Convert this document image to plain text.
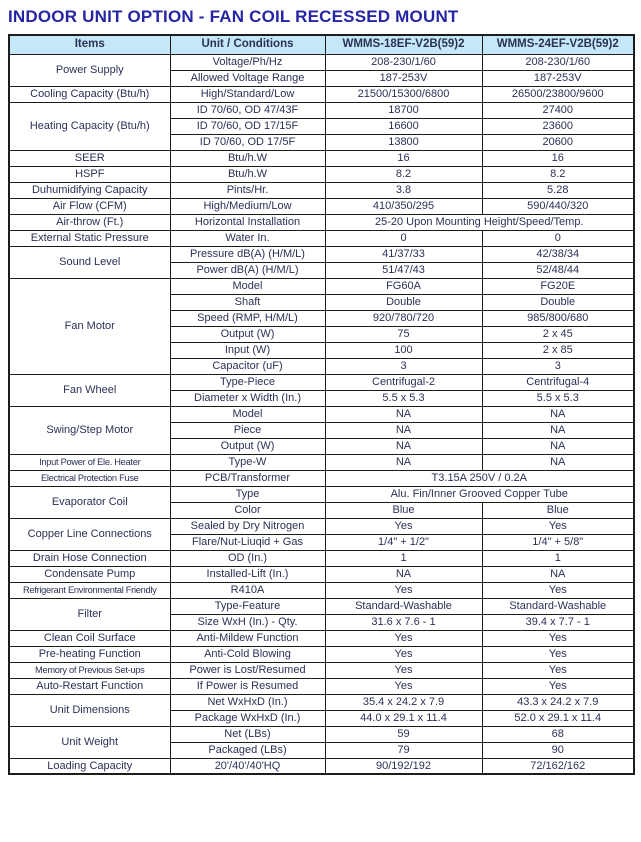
INDOOR UNIT OPTION - FAN COIL RECESSED MOUNT
Items	Unit / Conditions	WMMS-18EF-V2B(59)2	WMMS-24EF-V2B(59)2
Power Supply	Voltage/Ph/Hz	208-230/1/60	208-230/1/60
	Allowed Voltage Range	187-253V	187-253V
Cooling Capacity (Btu/h)	High/Standard/Low	21500/15300/6800	26500/23800/9600
Heating Capacity (Btu/h)	ID 70/60, OD 47/43F	18700	27400
	ID 70/60, OD 17/15F	16600	23600
	ID 70/60, OD 17/5F	13800	20600
SEER	Btu/h.W	16	16
HSPF	Btu/h.W	8.2	8.2
Duhumidifying Capacity	Pints/Hr.	3.8	5.28
Air Flow (CFM)	High/Medium/Low	410/350/295	590/440/320
Air-throw (Ft.)	Horizontal Installation	25-20 Upon Mounting Height/Speed/Temp.	
External Static Pressure	Water In.	0	0
Sound Level	Pressure dB(A) (H/M/L)	41/37/33	42/38/34
	Power dB(A) (H/M/L)	51/47/43	52/48/44
Fan Motor	Model	FG60A	FG20E
	Shaft	Double	Double
	Speed (RMP, H/M/L)	920/780/720	985/800/680
	Output (W)	75	2 x 45
	Input (W)	100	2 x 85
	Capacitor (uF)	3	3
Fan Wheel	Type-Piece	Centrifugal-2	Centrifugal-4
	Diameter x Width (In.)	5.5 x 5.3	5.5 x 5.3
Swing/Step Motor	Model	NA	NA
	Piece	NA	NA
	Output (W)	NA	NA
Input Power of Ele. Heater	Type-W	NA	NA
Electrical Protection Fuse	PCB/Transformer	T3.15A 250V / 0.2A	
Evaporator Coil	Type	Alu. Fin/Inner Grooved Copper Tube	
	Color	Blue	Blue
Copper Line Connections	Sealed by Dry Nitrogen	Yes	Yes
	Flare/Nut-Liuqid + Gas	1/4" + 1/2"	1/4" + 5/8"
Drain Hose Connection	OD (In.)	1	1
Condensate Pump	Installed-Lift (In.)	NA	NA
Refrigerant Environmental Friendly	R410A	Yes	Yes
Filter	Type-Feature	Standard-Washable	Standard-Washable
	Size WxH (In.) - Qty.	31.6 x 7.6 - 1	39.4 x 7.7 - 1
Clean Coil Surface	Anti-Mildew Function	Yes	Yes
Pre-heating Function	Anti-Cold Blowing	Yes	Yes
Memory of Previous Set-ups	Power is Lost/Resumed	Yes	Yes
Auto-Restart Function	If Power is Resumed	Yes	Yes
Unit Dimensions	Net WxHxD (In.)	35.4 x 24.2 x 7.9	43.3 x 24.2 x 7.9
	Package WxHxD (In.)	44.0 x 29.1 x 11.4	52.0 x 29.1 x 11.4
Unit Weight	Net (LBs)	59	68
	Packaged (LBs)	79	90
Loading Capacity	20'/40'/40'HQ	90/192/192	72/162/162
